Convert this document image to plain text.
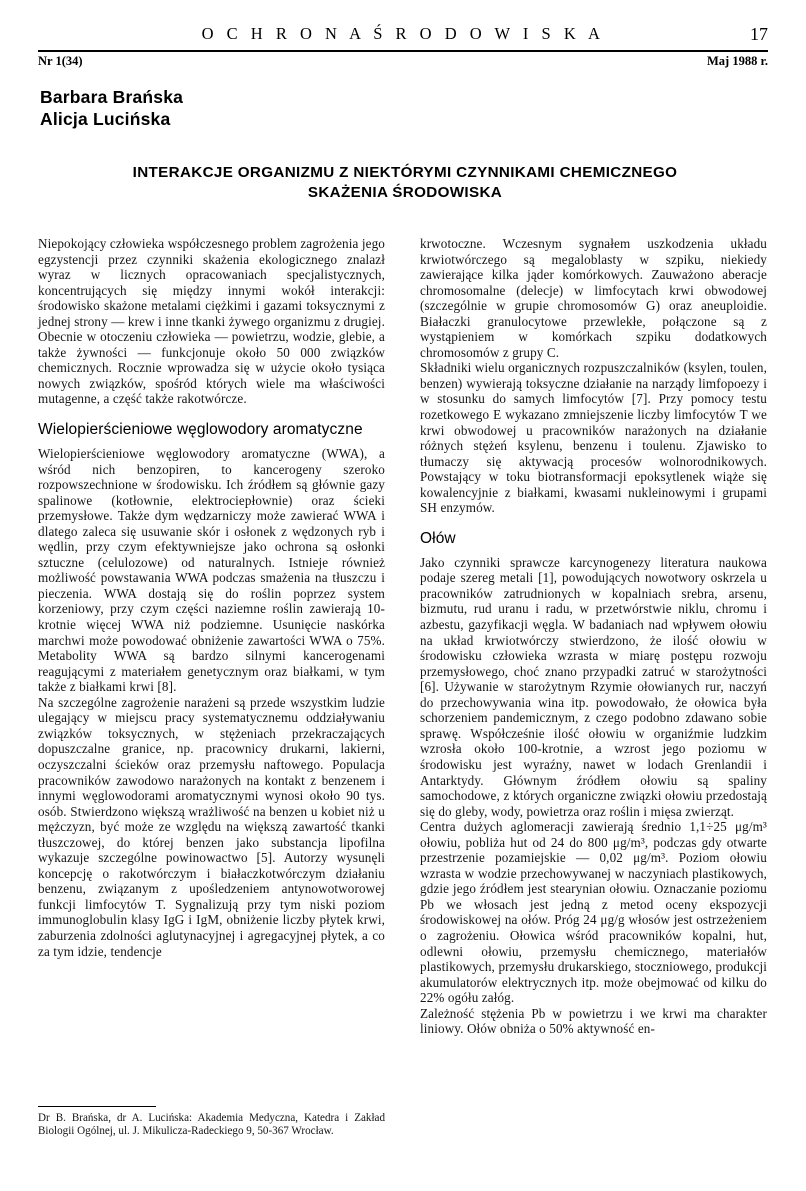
O C H R O N A Ś R O D O W I S K A	17
Nr 1(34)	Maj 1988 r.
Barbara Brańska
Alicja Lucińska
INTERAKCJE ORGANIZMU Z NIEKTÓRYMI CZYNNIKAMI CHEMICZNEGO
SKAŻENIA ŚRODOWISKA

Niepokojący człowieka współczesnego problem zagrożenia jego egzystencji przez czynniki skażenia ekologicznego znalazł wyraz w licznych opracowaniach specjalistycznych, koncentrujących się między innymi wokół interakcji: środowisko skażone metalami ciężkimi i gazami toksycznymi z jednej strony — krew i inne tkanki żywego organizmu z drugiej. Obecnie w otoczeniu człowieka — powietrzu, wodzie, glebie, a także żywności — funkcjonuje około 50 000 związków chemicznych. Rocznie wprowadza się w użycie około tysiąca nowych związków, spośród których wiele ma właściwości mutagenne, a część także rakotwórcze.

Wielopierścieniowe węglowodory aromatyczne

Wielopierścieniowe węglowodory aromatyczne (WWA), a wśród nich benzopiren, to kancerogeny szeroko rozpowszechnione w środowisku. Ich źródłem są głównie gazy spalinowe (kotłownie, elektrociepłownie) oraz ścieki przemysłowe. Także dym wędzarniczy może zawierać WWA i dlatego zaleca się usuwanie skór i osłonek z wędzonych ryb i wędlin, przy czym efektywniejsze jako ochrona są osłonki sztuczne (celulozowe) od naturalnych. Istnieje również możliwość powstawania WWA podczas smażenia na tłuszczu i pieczenia. WWA dostają się do roślin poprzez system korzeniowy, przy czym części naziemne roślin zawierają 10-krotnie więcej WWA niż podziemne. Usunięcie naskórka marchwi może powodować obniżenie zawartości WWA o 75%. Metabolity WWA są bardzo silnymi kancerogenami reagującymi z materiałem genetycznym oraz białkami, w tym także z białkami krwi [8].

Na szczególne zagrożenie narażeni są przede wszystkim ludzie ulegający w miejscu pracy systematycznemu oddziaływaniu związków toksycznych, w stężeniach przekraczających dopuszczalne granice, np. pracownicy drukarni, lakierni, oczyszczalni ścieków oraz przemysłu naftowego. Populacja pracowników zawodowo narażonych na kontakt z benzenem i innymi węglowodorami aromatycznymi wynosi około 90 tys. osób. Stwierdzono większą wrażliwość na benzen u kobiet niż u mężczyzn, być może ze względu na większą zawartość tkanki tłuszczowej, do której benzen jako substancja lipofilna wykazuje szczególne powinowactwo [5]. Autorzy wysunęli koncepcję o rakotwórczym i białaczkotwórczym działaniu benzenu, związanym z upośledzeniem antynowotworowej funkcji limfocytów T. Sygnalizują przy tym niski poziom immunoglobulin klasy IgG i IgM, obniżenie liczby płytek krwi, zaburzenia zdolności aglutynacyjnej i agregacyjnej płytek, a co za tym idzie, tendencje

krwotoczne. Wczesnym sygnałem uszkodzenia układu krwiotwórczego są megaloblasty w szpiku, niekiedy zawierające kilka jąder komórkowych. Zauważono aberacje chromosomalne (delecje) w limfocytach krwi obwodowej (szczególnie w grupie chromosomów G) oraz aneuploidie. Białaczki granulocytowe przewlekłe, połączone są z wystąpieniem w komórkach szpiku dodatkowych chromosomów z grupy C.

Składniki wielu organicznych rozpuszczalników (ksylen, toulen, benzen) wywierają toksyczne działanie na narządy limfopoezy i w stosunku do samych limfocytów [7]. Przy pomocy testu rozetkowego E wykazano zmniejszenie liczby limfocytów T we krwi obwodowej u pracowników narażonych na działanie różnych stężeń ksylenu, benzenu i toulenu. Zjawisko to tłumaczy się aktywacją procesów wolnorodnikowych. Powstający w toku biotransformacji epoksytlenek wiąże się kowalencyjnie z białkami, kwasami nukleinowymi i grupami SH enzymów.

Ołów

Jako czynniki sprawcze karcynogenezy literatura naukowa podaje szereg metali [1], powodujących nowotwory oskrzela u pracowników zatrudnionych w kopalniach srebra, arsenu, bizmutu, rud uranu i radu, w przetwórstwie niklu, chromu i azbestu, gazyfikacji węgla. W badaniach nad wpływem ołowiu na układ krwiotwórczy stwierdzono, że ilość ołowiu w środowisku człowieka wzrasta w miarę postępu rozwoju przemysłowego, choć znano przypadki zatruć w starożytności [6]. Używanie w starożytnym Rzymie ołowianych rur, naczyń do przechowywania wina itp. powodowało, że ołowica była schorzeniem pandemicznym, z czego podobno zdawano sobie sprawę. Współcześnie ilość ołowiu w organiźmie ludzkim wzrosła około 100-krotnie, a wzrost jego poziomu w środowisku jest wyraźny, nawet w lodach Grenlandii i Antarktydy. Głównym źródłem ołowiu są spaliny samochodowe, z których organiczne związki ołowiu przedostają się do gleby, wody, powietrza oraz roślin i mięsa zwierząt.

Centra dużych aglomeracji zawierają średnio 1,1÷25 μg/m³ ołowiu, pobliża hut od 24 do 800 μg/m³, podczas gdy otwarte przestrzenie pozamiejskie — 0,02 μg/m³. Poziom ołowiu wzrasta w wodzie przechowywanej w naczyniach plastikowych, gdzie jego źródłem jest stearynian ołowiu. Oznaczanie poziomu Pb we włosach jest jedną z metod oceny ekspozycji środowiskowej na ołów. Próg 24 μg/g włosów jest ostrzeżeniem o zagrożeniu. Ołowica wśród pracowników kopalni, hut, odlewni ołowiu, przemysłu chemicznego, materiałów plastikowych, przemysłu drukarskiego, stoczniowego, produkcji akumulatorów elektrycznych itp. może obejmować od kilku do 22% ogółu załóg.

Zależność stężenia Pb w powietrzu i we krwi ma charakter liniowy. Ołów obniża o 50% aktywność en-

Dr B. Brańska, dr A. Lucińska: Akademia Medyczna, Katedra i Zakład Biologii Ogólnej, ul. J. Mikulicza-Radeckiego 9, 50-367 Wrocław.
